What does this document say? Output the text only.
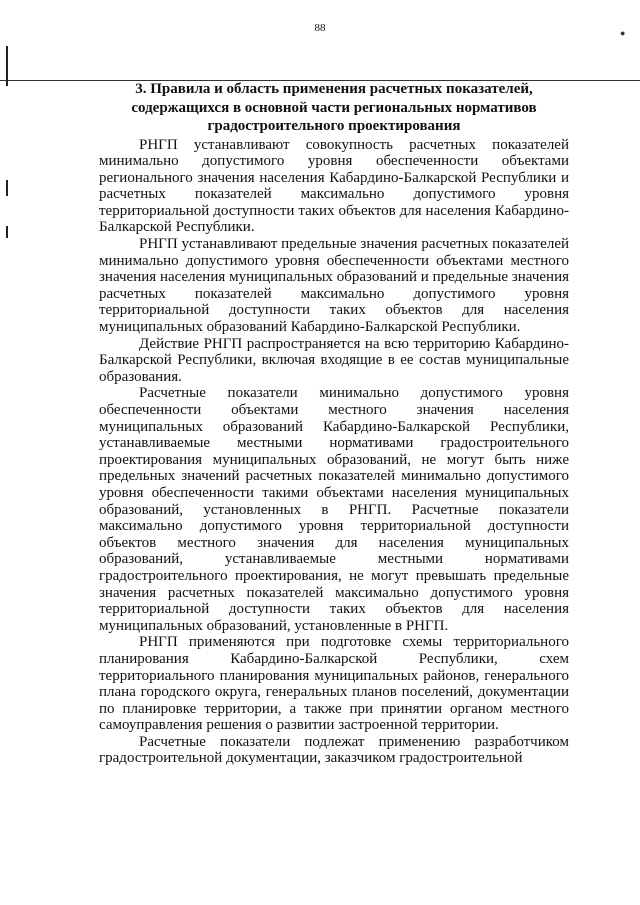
●
88

3. Правила и область применения расчетных показателей, содержащихся в основной части региональных нормативов градостроительного проектирования

РНГП устанавливают совокупность расчетных показателей минимально допустимого уровня обеспеченности объектами регионального значения населения Кабардино-Балкарской Республики и расчетных показателей максимально допустимого уровня территориальной доступности таких объектов для населения Кабардино-Балкарской Республики.

РНГП устанавливают предельные значения расчетных показателей минимально допустимого уровня обеспеченности объектами местного значения населения муниципальных образований и предельные значения расчетных показателей максимально допустимого уровня территориальной доступности таких объектов для населения муниципальных образований Кабардино-Балкарской Республики.

Действие РНГП распространяется на всю территорию Кабардино-Балкарской Республики, включая входящие в ее состав муниципальные образования.

Расчетные показатели минимально допустимого уровня обеспеченности объектами местного значения населения муниципальных образований Кабардино-Балкарской Республики, устанавливаемые местными нормативами градостроительного проектирования муниципальных образований, не могут быть ниже предельных значений расчетных показателей минимально допустимого уровня обеспеченности такими объектами населения муниципальных образований, установленных в РНГП. Расчетные показатели максимально допустимого уровня территориальной доступности объектов местного значения для населения муниципальных образований, устанавливаемые местными нормативами градостроительного проектирования, не могут превышать предельные значения расчетных показателей максимально допустимого уровня территориальной доступности таких объектов для населения муниципальных образований, установленные в РНГП.

РНГП применяются при подготовке схемы территориального планирования Кабардино-Балкарской Республики, схем территориального планирования муниципальных районов, генерального плана городского округа, генеральных планов поселений, документации по планировке территории, а также при принятии органом местного самоуправления решения о развитии застроенной территории.

Расчетные показатели подлежат применению разработчиком градостроительной документации, заказчиком градостроительной
